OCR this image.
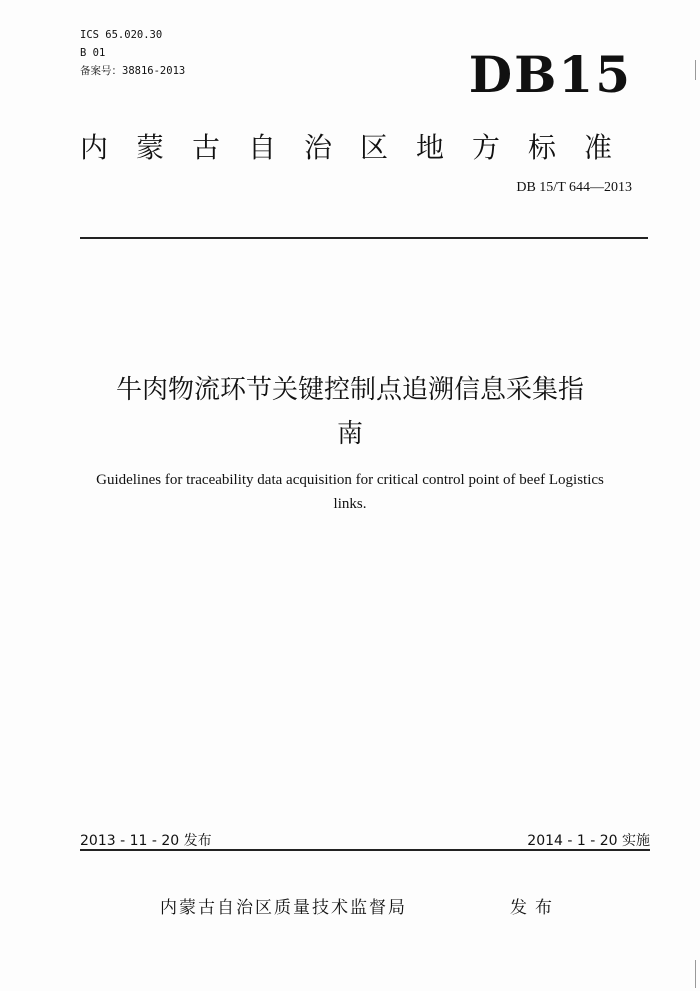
ICS 65.020.30
B 01
备案号：38816-2013	DB15
内蒙古自治区地方标准
DB 15/T 644—2013
牛肉物流环节关键控制点追溯信息采集指
南
Guidelines for traceability data acquisition for critical control point of beef Logistics
links.
2013 - 11 - 20 发布	2014 - 1 - 20 实施
内蒙古自治区质量技术监督局	发布
